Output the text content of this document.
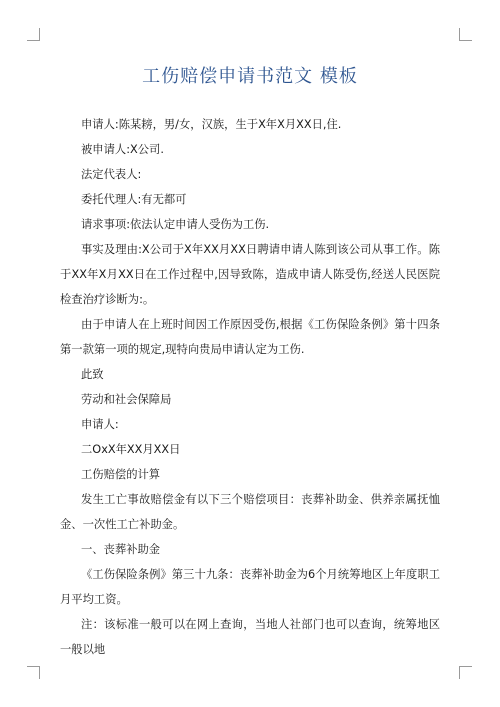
工伤赔偿申请书范文 模板

申请人:陈某耪，男/女，汉族，生于X年X月XX日,住.

被申请人:X公司.

法定代表人:

委托代理人:有无都可

请求事项:依法认定申请人受伤为工伤.

事实及理由:X公司于X年XX月XX日聘请申请人陈到该公司从事工作。陈于XX年X月XX日在工作过程中,因导致陈，造成申请人陈受伤,经送人民医院检查治疗诊断为:。

由于申请人在上班时间因工作原因受伤,根据《工伤保险条例》第十四条第一款第一项的规定,现特向贵局申请认定为工伤.

此致

劳动和社会保障局

申请人:

二OxX年XX月XX日

工伤赔偿的计算

发生工亡事故赔偿金有以下三个赔偿项目：丧葬补助金、供养亲属抚恤金、一次性工亡补助金。

一、丧葬补助金

《工伤保险条例》第三十九条：丧葬补助金为6个月统筹地区上年度职工月平均工资。

注：该标准一般可以在网上查询，当地人社部门也可以查询，统筹地区一般以地
